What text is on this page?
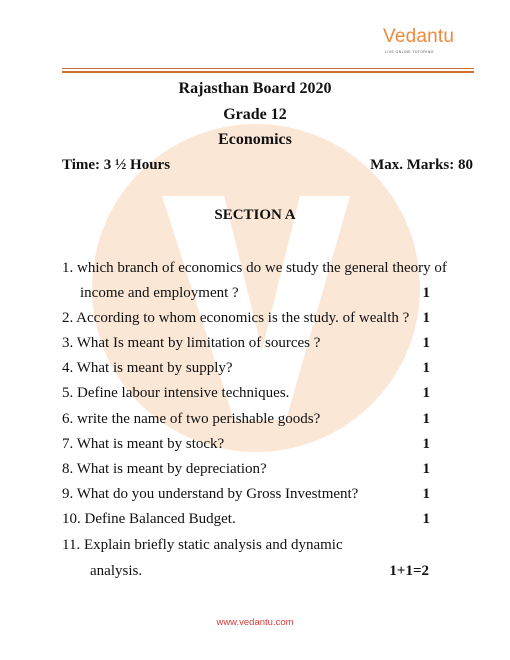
Vedantu
LIVE ONLINE TUTORING
Rajasthan Board 2020
Grade 12
Economics
Time: 3 ½ Hours	Max. Marks: 80
SECTION A
1. which branch of economics do we study the general theory of
income and employment ?	1
2. According to whom economics is the study. of wealth ? 1
3. What Is meant by limitation of sources ?	1
4. What is meant by supply?	1
5. Define labour intensive techniques.	1
6. write the name of two perishable goods?	1
7. What is meant by stock?	1
8. What is meant by depreciation?	1
9. What do you understand by Gross Investment?	1
10. Define Balanced Budget.	1
11. Explain briefly static analysis and dynamic
analysis.	1+1=2
www.vedantu.com
